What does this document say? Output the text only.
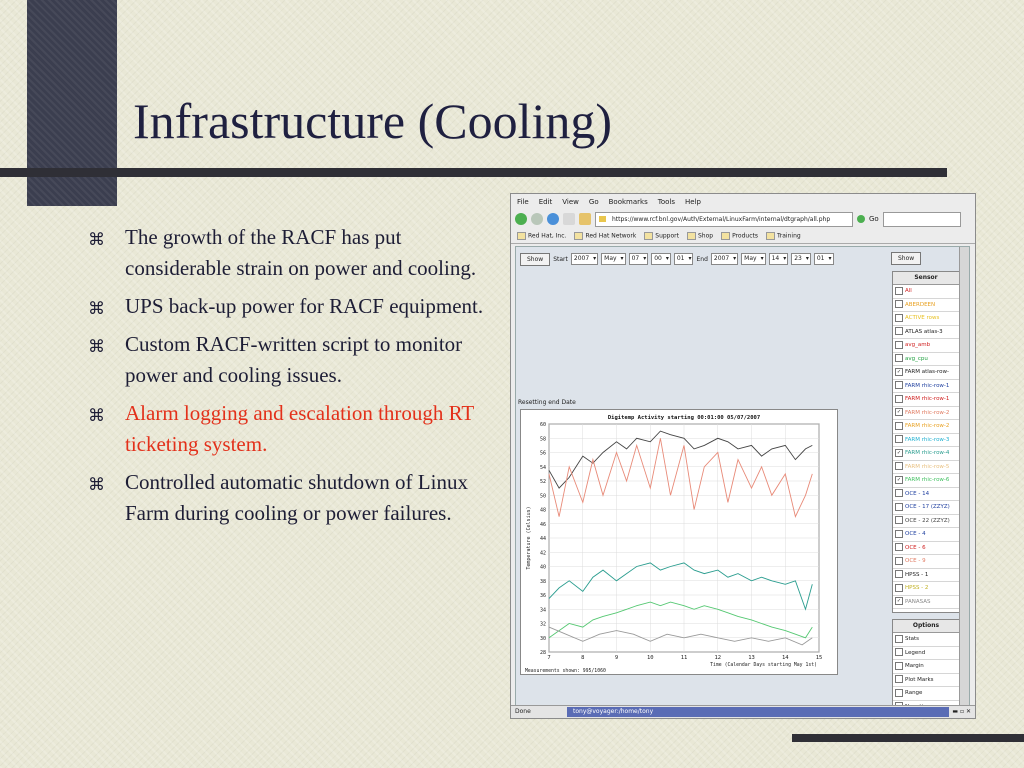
Infrastructure (Cooling)
⌘ The growth of the RACF has put considerable strain on power and cooling.
⌘ UPS back-up power for RACF equipment.
⌘ Custom RACF-written script to monitor power and cooling issues.
⌘ Alarm logging and escalation through RT ticketing system.
⌘ Controlled automatic shutdown of Linux Farm during cooling or power failures.
File Edit View Go Bookmarks Tools Help
https://www.rcf.bnl.gov/Auth/External/LinuxFarm/internal/dtgraph/all.php	Go
Red Hat, Inc.	Red Hat Network	Support	Shop	Products	Training
Show	Start	2007 ▾	May ▾	07 ▾	00 ▾	01 ▾	End	2007 ▾	May ▾	14 ▾	23 ▾	01 ▾	Show
Sensor
All
ABERDEEN
ACTIVE rows
ATLAS atlas-3
avg_amb
avg_cpu
✓ FARM atlas-row-
FARM rhic-row-1
FARM rhic-row-1
✓ FARM rhic-row-2
FARM rhic-row-2
FARM rhic-row-3
✓ FARM rhic-row-4
FARM rhic-row-5
✓ FARM rhic-row-6
OCE - 14
OCE - 17 (ZZYZ)
OCE - 22 (ZZYZ)
OCE - 4
OCE - 6
OCE - 9
HPSS - 1
HPSS - 2
✓ PANASAS
Options
Stats
Legend
Margin
Plot Marks
Range
Resetting end Date
28
30
32
34
36
38
40
42
44
46
48
50
52
54
56
58
60
7	8	9	10	11	12	13	14	15
Digitemp Activity starting 00:01:00 05/07/2007
Temperature (Celsius)
Time (Calendar Days starting May 1st)
Measurements shown: 995/1060
Done	tony@voyager:/home/tony	▬ ▫ ✕
